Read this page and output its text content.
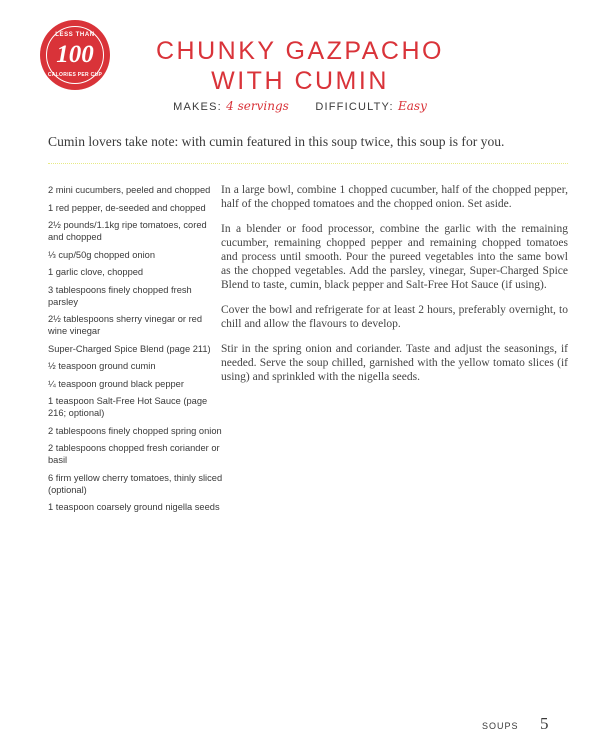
LESS THAN
100
CALORIES PER CUP
CHUNKY GAZPACHO
WITH CUMIN
MAKES: 4 servings DIFFICULTY: Easy
Cumin lovers take note: with cumin featured in this soup twice, this soup is for you.
2 mini cucumbers, peeled and chopped
1 red pepper, de-seeded and chopped
2½ pounds/1.1kg ripe tomatoes, cored and chopped
⅓ cup/50g chopped onion
1 garlic clove, chopped
3 tablespoons finely chopped fresh parsley
2½ tablespoons sherry vinegar or red wine vinegar
Super-Charged Spice Blend (page 211)
½ teaspoon ground cumin
¼ teaspoon ground black pepper
1 teaspoon Salt-Free Hot Sauce (page 216; optional)
2 tablespoons finely chopped spring onion
2 tablespoons chopped fresh coriander or basil
6 firm yellow cherry tomatoes, thinly sliced (optional)
1 teaspoon coarsely ground nigella seeds

In a large bowl, combine 1 chopped cucumber, half of the chopped pepper, half of the chopped tomatoes and the chopped onion. Set aside.

In a blender or food processor, combine the garlic with the remaining cucumber, remaining chopped pepper and remaining chopped tomatoes and process until smooth. Pour the pureed vegetables into the same bowl as the chopped vegetables. Add the parsley, vinegar, Super-Charged Spice Blend to taste, cumin, black pepper and Salt-Free Hot Sauce (if using).

Cover the bowl and refrigerate for at least 2 hours, preferably overnight, to chill and allow the flavours to develop.

Stir in the spring onion and coriander. Taste and adjust the seasonings, if needed. Serve the soup chilled, garnished with the yellow tomato slices (if using) and sprinkled with the nigella seeds.

SOUPS 5
